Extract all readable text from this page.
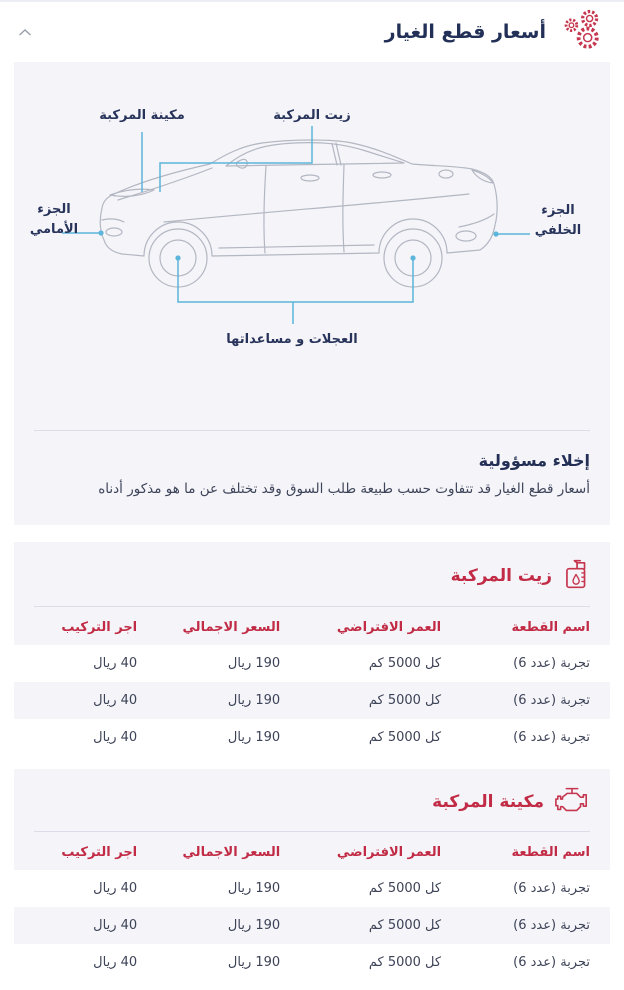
أسعار قطع الغيار
مكينة المركبة	زيت المركبة
الجزء الأمامي
الجزء الخلفي
العجلات و مساعداتها
إخلاء مسؤولية

أسعار قطع الغيار قد تتفاوت حسب طبيعة طلب السوق وقد تختلف عن ما هو مذكور أدناه

زيت المركبة
اسم القطعة	العمر الافتراضي	السعر الاجمالي	اجر التركيب
تجربة (عدد 6)	كل 5000 كم	190 ريال	40 ريال
تجربة (عدد 6)	كل 5000 كم	190 ريال	40 ريال
تجربة (عدد 6)	كل 5000 كم	190 ريال	40 ريال
مكينة المركبة
اسم القطعة	العمر الافتراضي	السعر الاجمالي	اجر التركيب
تجربة (عدد 6)	كل 5000 كم	190 ريال	40 ريال
تجربة (عدد 6)	كل 5000 كم	190 ريال	40 ريال
تجربة (عدد 6)	كل 5000 كم	190 ريال	40 ريال
